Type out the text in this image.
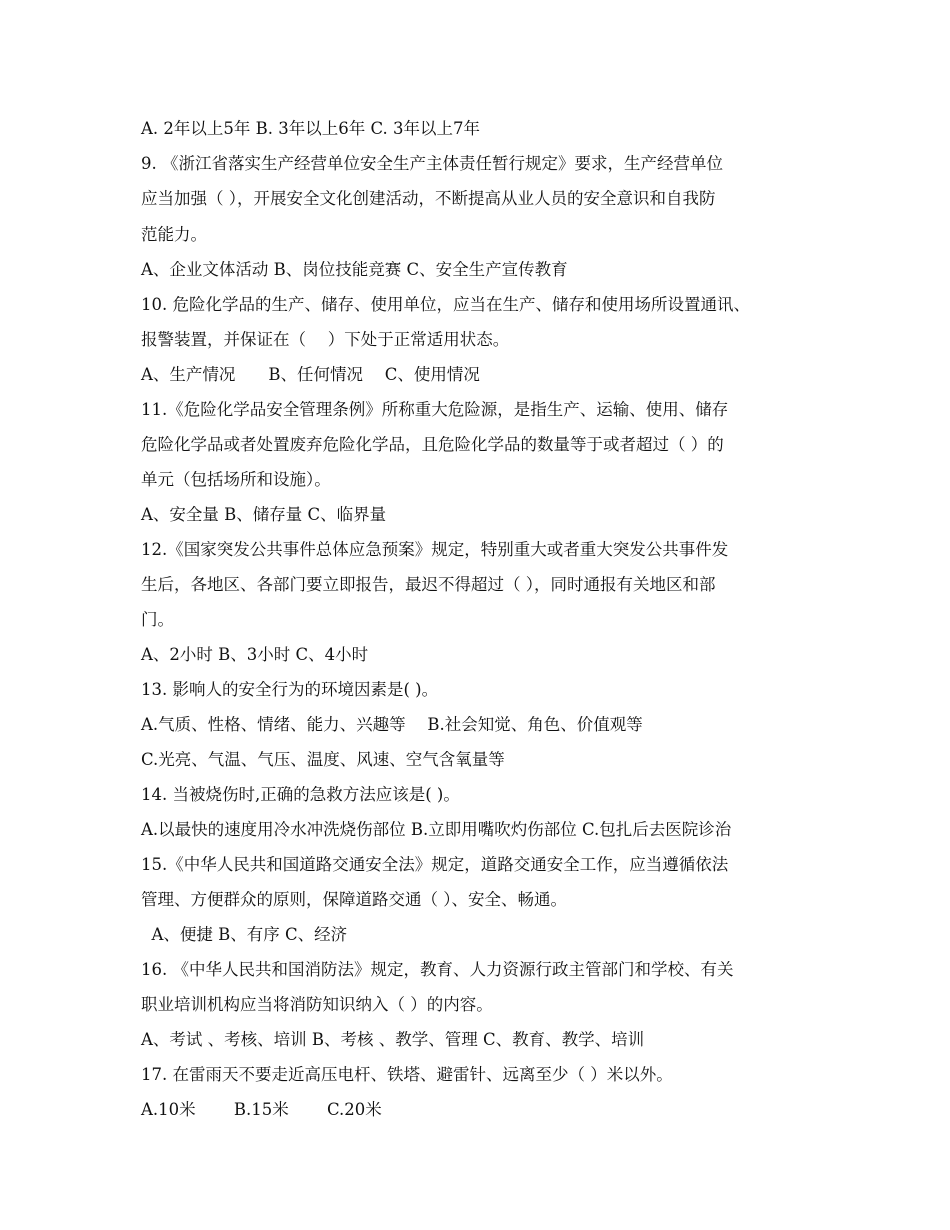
A. 2年以上5年 B. 3年以上6年 C. 3年以上7年
9. 《浙江省落实生产经营单位安全生产主体责任暂行规定》要求，生产经营单位
应当加强（ ），开展安全文化创建活动，不断提高从业人员的安全意识和自我防
范能力。
A、企业文体活动 B、岗位技能竞赛 C、安全生产宣传教育
10. 危险化学品的生产、储存、使用单位，应当在生产、储存和使用场所设置通讯、
报警装置，并保证在（　 ）下处于正常适用状态。
A、生产情况　　B、任何情况　 C、使用情况
11.《危险化学品安全管理条例》所称重大危险源，是指生产、运输、使用、储存
危险化学品或者处置废弃危险化学品，且危险化学品的数量等于或者超过（ ）的
单元（包括场所和设施）。
A、安全量 B、储存量 C、临界量
12.《国家突发公共事件总体应急预案》规定，特别重大或者重大突发公共事件发
生后，各地区、各部门要立即报告，最迟不得超过（ ），同时通报有关地区和部
门。
A、2小时 B、3小时 C、4小时
13. 影响人的安全行为的环境因素是( )。
A.气质、性格、情绪、能力、兴趣等　 B.社会知觉、角色、价值观等
C.光亮、气温、气压、温度、风速、空气含氧量等
14. 当被烧伤时,正确的急救方法应该是( )。
A.以最快的速度用冷水冲洗烧伤部位 B.立即用嘴吹灼伤部位 C.包扎后去医院诊治
15.《中华人民共和国道路交通安全法》规定，道路交通安全工作，应当遵循依法
管理、方便群众的原则，保障道路交通（ ）、安全、畅通。
A、便捷 B、有序 C、经济
16. 《中华人民共和国消防法》规定，教育、人力资源行政主管部门和学校、有关
职业培训机构应当将消防知识纳入（ ）的内容。
A、考试 、考核、培训 B、考核 、教学、管理 C、教育、教学、培训
17. 在雷雨天不要走近高压电杆、铁塔、避雷针、远离至少（ ）米以外。
A.10米　　 B.15米　　 C.20米
